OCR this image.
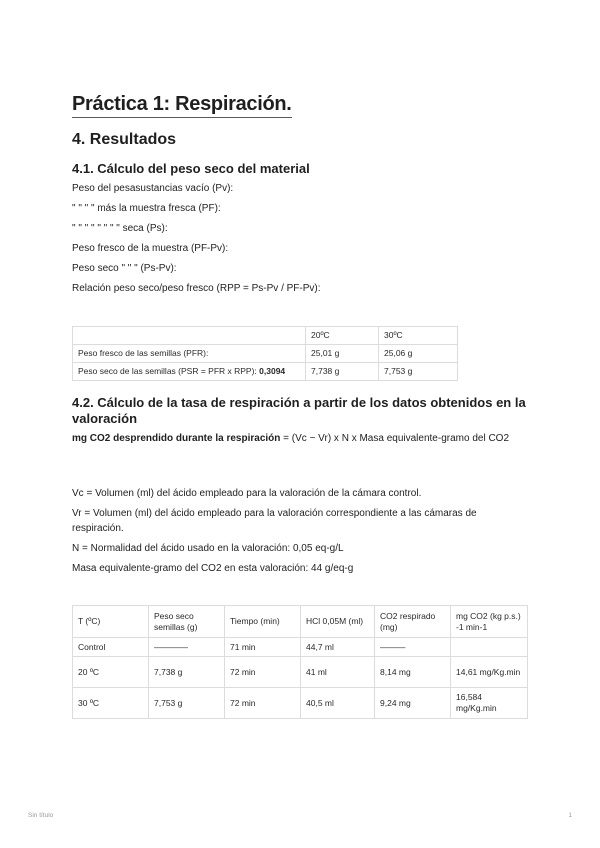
Práctica 1: Respiración.
4. Resultados
4.1. Cálculo del peso seco del material

Peso del pesasustancias vacío (Pv):

" " " " más la muestra fresca (PF):

" " " " " " " " seca (Ps):

Peso fresco de la muestra (PF-Pv):

Peso seco " " " (Ps-Pv):

Relación peso seco/peso fresco (RPP = Ps-Pv / PF-Pv):

	20ºC	30ºC
Peso fresco de las semillas (PFR):	25,01 g	25,06 g
Peso seco de las semillas (PSR = PFR x RPP): 0,3094	7,738 g	7,753 g
4.2. Cálculo de la tasa de respiración a partir de los datos obtenidos en la valoración

mg CO2 desprendido durante la respiración = (Vc − Vr) x N x Masa equivalente-gramo del CO2

Vc = Volumen (ml) del ácido empleado para la valoración de la cámara control.

Vr = Volumen (ml) del ácido empleado para la valoración correspondiente a las cámaras de respiración.

N = Normalidad del ácido usado en la valoración: 0,05 eq-g/L

Masa equivalente-gramo del CO2 en esta valoración: 44 g/eq-g

T (ºC)	Peso seco semillas (g)	Tiempo (min)	HCl 0,05M (ml)	CO2 respirado (mg)	mg CO2 (kg p.s.) -1 min-1
Control	————	71 min	44,7 ml	———	
20 ºC	7,738 g	72 min	41 ml	8,14 mg	14,61 mg/Kg.min
30 ºC	7,753 g	72 min	40,5 ml	9,24 mg	16,584 mg/Kg.min
Sin título	1
